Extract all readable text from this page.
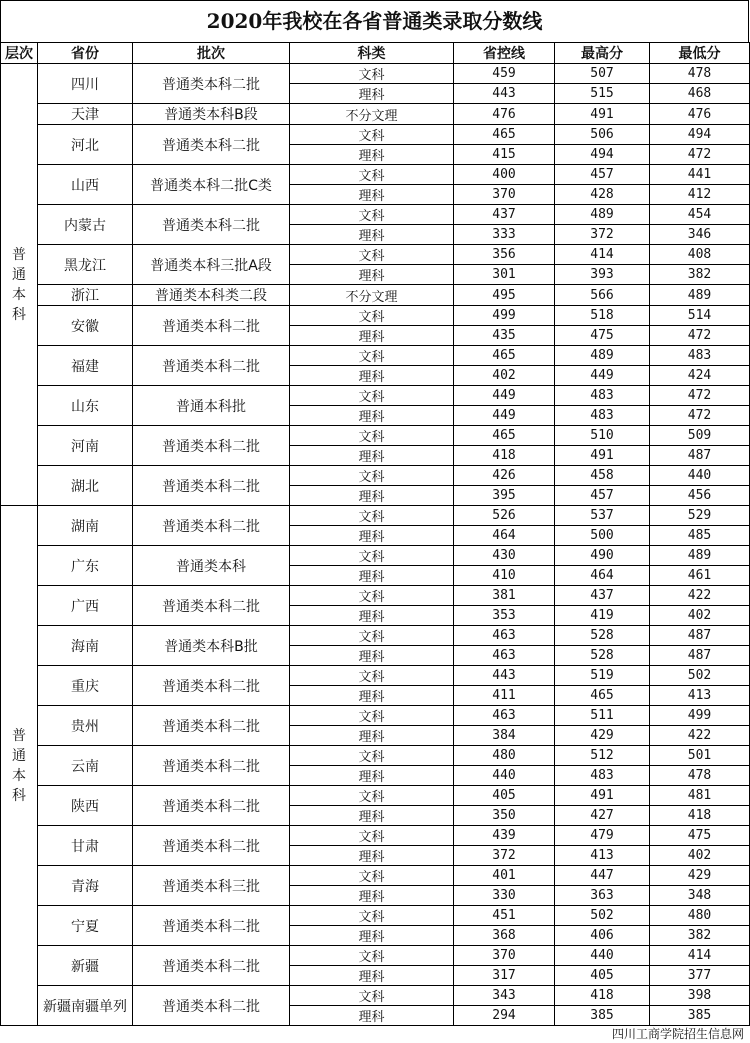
2020年我校在各省普通类录取分数线
层次	省份	批次	科类	省控线	最高分	最低分
普通本科	四川	普通类本科二批	文科	459	507	478
			理科	443	515	468
	天津	普通类本科B段	不分文理	476	491	476
	河北	普通类本科二批	文科	465	506	494
			理科	415	494	472
	山西	普通类本科二批C类	文科	400	457	441
			理科	370	428	412
	内蒙古	普通类本科二批	文科	437	489	454
			理科	333	372	346
	黑龙江	普通类本科三批A段	文科	356	414	408
			理科	301	393	382
	浙江	普通类本科类二段	不分文理	495	566	489
	安徽	普通类本科二批	文科	499	518	514
			理科	435	475	472
	福建	普通类本科二批	文科	465	489	483
			理科	402	449	424
	山东	普通本科批	文科	449	483	472
			理科	449	483	472
	河南	普通类本科二批	文科	465	510	509
			理科	418	491	487
	湖北	普通类本科二批	文科	426	458	440
			理科	395	457	456
普通本科	湖南	普通类本科二批	文科	526	537	529
			理科	464	500	485
	广东	普通类本科	文科	430	490	489
			理科	410	464	461
	广西	普通类本科二批	文科	381	437	422
			理科	353	419	402
	海南	普通类本科B批	文科	463	528	487
			理科	463	528	487
	重庆	普通类本科二批	文科	443	519	502
			理科	411	465	413
	贵州	普通类本科二批	文科	463	511	499
			理科	384	429	422
	云南	普通类本科二批	文科	480	512	501
			理科	440	483	478
	陕西	普通类本科二批	文科	405	491	481
			理科	350	427	418
	甘肃	普通类本科二批	文科	439	479	475
			理科	372	413	402
	青海	普通类本科三批	文科	401	447	429
			理科	330	363	348
	宁夏	普通类本科二批	文科	451	502	480
			理科	368	406	382
	新疆	普通类本科二批	文科	370	440	414
			理科	317	405	377
	新疆南疆单列	普通类本科二批	文科	343	418	398
			理科	294	385	385
四川工商学院招生信息网
